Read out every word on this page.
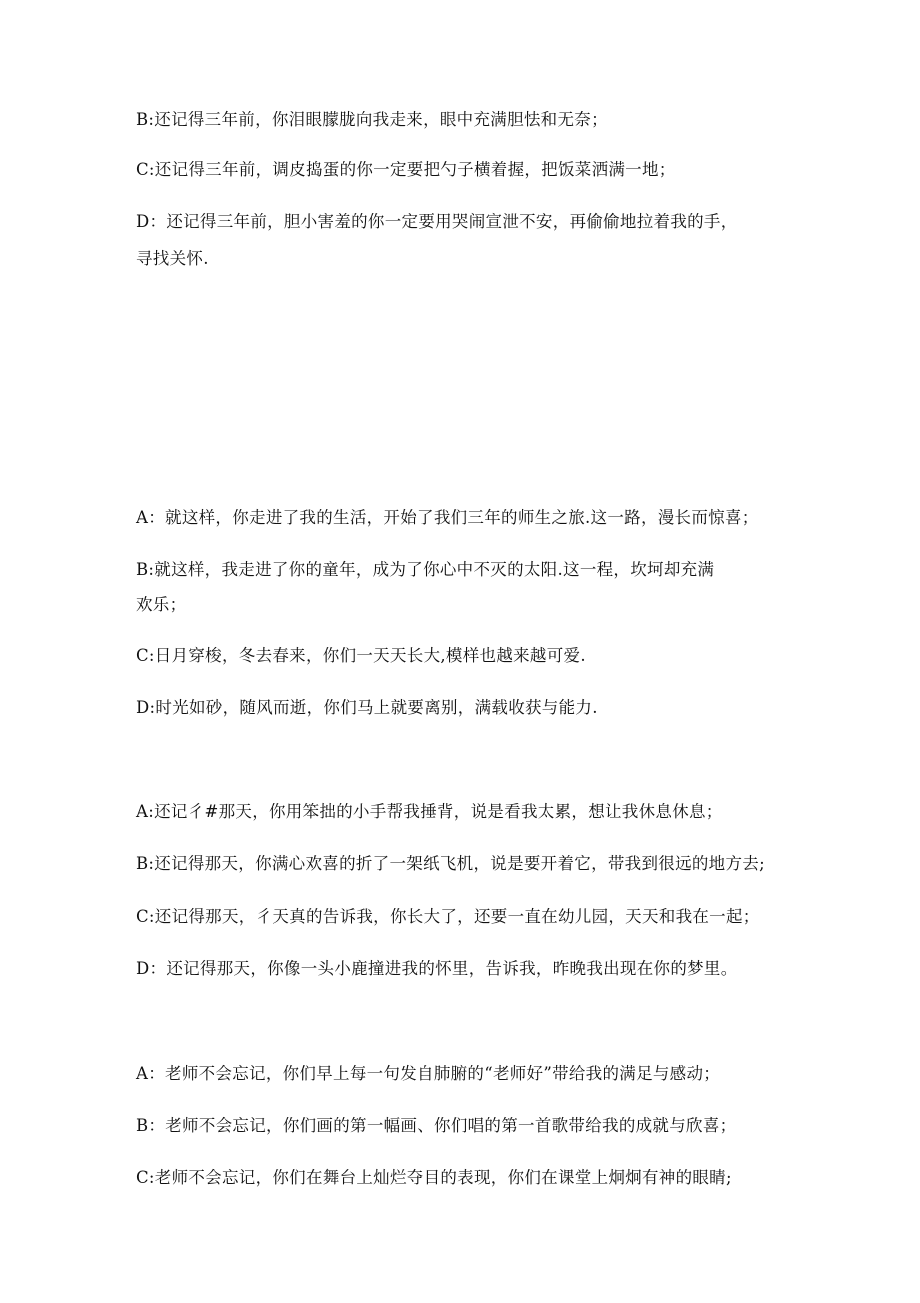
B:还记得三年前，你泪眼朦胧向我走来，眼中充满胆怯和无奈；
C:还记得三年前，调皮捣蛋的你一定要把勺子横着握，把饭菜洒满一地；
D：还记得三年前，胆小害羞的你一定要用哭闹宣泄不安，再偷偷地拉着我的手，
寻找关怀.
A：就这样，你走进了我的生活，开始了我们三年的师生之旅.这一路，漫长而惊喜；
B:就这样，我走进了你的童年，成为了你心中不灭的太阳.这一程，坎坷却充满
欢乐；
C:日月穿梭，冬去春来，你们一天天长大,模样也越来越可爱.
D:时光如砂，随风而逝，你们马上就要离别，满载收获与能力.
A:还记彳#那天，你用笨拙的小手帮我捶背，说是看我太累，想让我休息休息；
B:还记得那天，你满心欢喜的折了一架纸飞机，说是要开着它，带我到很远的地方去;
C:还记得那天，彳天真的告诉我，你长大了，还要一直在幼儿园，天天和我在一起；
D：还记得那天，你像一头小鹿撞进我的怀里，告诉我，昨晚我出现在你的梦里。
A：老师不会忘记，你们早上每一句发自肺腑的“老师好”带给我的满足与感动；
B：老师不会忘记，你们画的第一幅画、你们唱的第一首歌带给我的成就与欣喜；
C:老师不会忘记，你们在舞台上灿烂夺目的表现，你们在课堂上炯炯有神的眼睛;
